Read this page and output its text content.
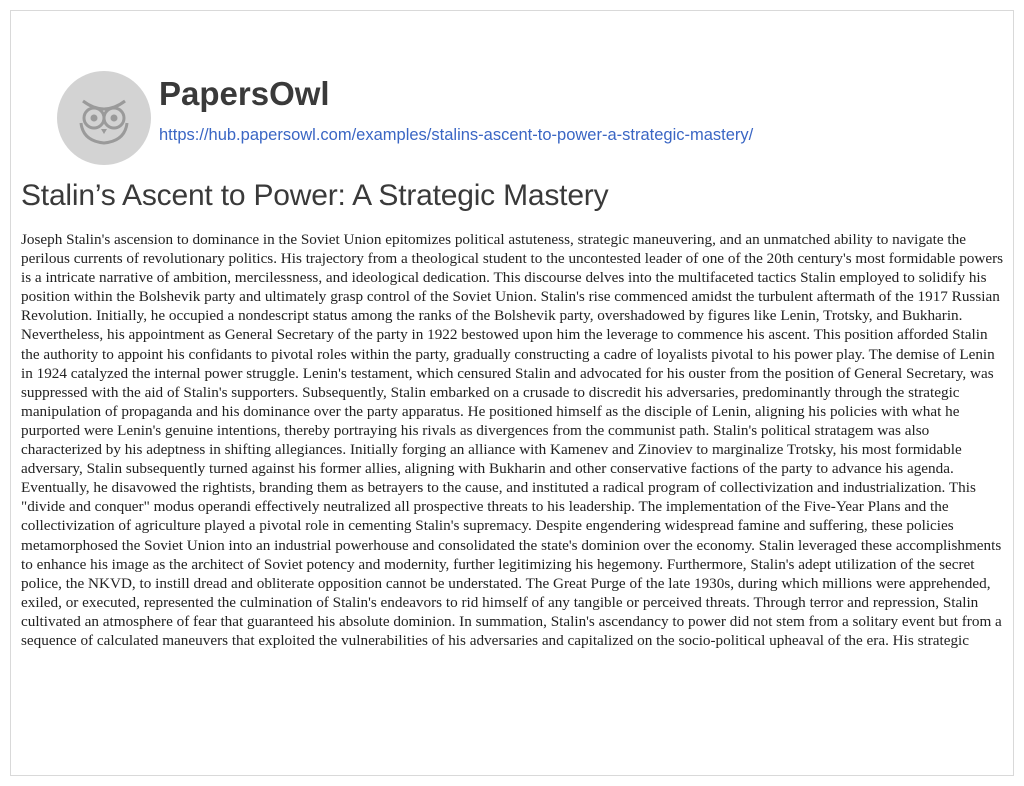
PapersOwl
https://hub.papersowl.com/examples/stalins-ascent-to-power-a-strategic-mastery/
Stalin’s Ascent to Power: A Strategic Mastery

Joseph Stalin's ascension to dominance in the Soviet Union epitomizes political astuteness, strategic maneuvering, and an unmatched ability to navigate the perilous currents of revolutionary politics. His trajectory from a theological student to the uncontested leader of one of the 20th century's most formidable powers is a intricate narrative of ambition, mercilessness, and ideological dedication. This discourse delves into the multifaceted tactics Stalin employed to solidify his position within the Bolshevik party and ultimately grasp control of the Soviet Union. Stalin's rise commenced amidst the turbulent aftermath of the 1917 Russian Revolution. Initially, he occupied a nondescript status among the ranks of the Bolshevik party, overshadowed by figures like Lenin, Trotsky, and Bukharin. Nevertheless, his appointment as General Secretary of the party in 1922 bestowed upon him the leverage to commence his ascent. This position afforded Stalin the authority to appoint his confidants to pivotal roles within the party, gradually constructing a cadre of loyalists pivotal to his power play. The demise of Lenin in 1924 catalyzed the internal power struggle. Lenin's testament, which censured Stalin and advocated for his ouster from the position of General Secretary, was suppressed with the aid of Stalin's supporters. Subsequently, Stalin embarked on a crusade to discredit his adversaries, predominantly through the strategic manipulation of propaganda and his dominance over the party apparatus. He positioned himself as the disciple of Lenin, aligning his policies with what he purported were Lenin's genuine intentions, thereby portraying his rivals as divergences from the communist path. Stalin's political stratagem was also characterized by his adeptness in shifting allegiances. Initially forging an alliance with Kamenev and Zinoviev to marginalize Trotsky, his most formidable adversary, Stalin subsequently turned against his former allies, aligning with Bukharin and other conservative factions of the party to advance his agenda. Eventually, he disavowed the rightists, branding them as betrayers to the cause, and instituted a radical program of collectivization and industrialization. This "divide and conquer" modus operandi effectively neutralized all prospective threats to his leadership. The implementation of the Five-Year Plans and the collectivization of agriculture played a pivotal role in cementing Stalin's supremacy. Despite engendering widespread famine and suffering, these policies metamorphosed the Soviet Union into an industrial powerhouse and consolidated the state's dominion over the economy. Stalin leveraged these accomplishments to enhance his image as the architect of Soviet potency and modernity, further legitimizing his hegemony. Furthermore, Stalin's adept utilization of the secret police, the NKVD, to instill dread and obliterate opposition cannot be understated. The Great Purge of the late 1930s, during which millions were apprehended, exiled, or executed, represented the culmination of Stalin's endeavors to rid himself of any tangible or perceived threats. Through terror and repression, Stalin cultivated an atmosphere of fear that guaranteed his absolute dominion. In summation, Stalin's ascendancy to power did not stem from a solitary event but from a sequence of calculated maneuvers that exploited the vulnerabilities of his adversaries and capitalized on the socio-political upheaval of the era. His strategic
